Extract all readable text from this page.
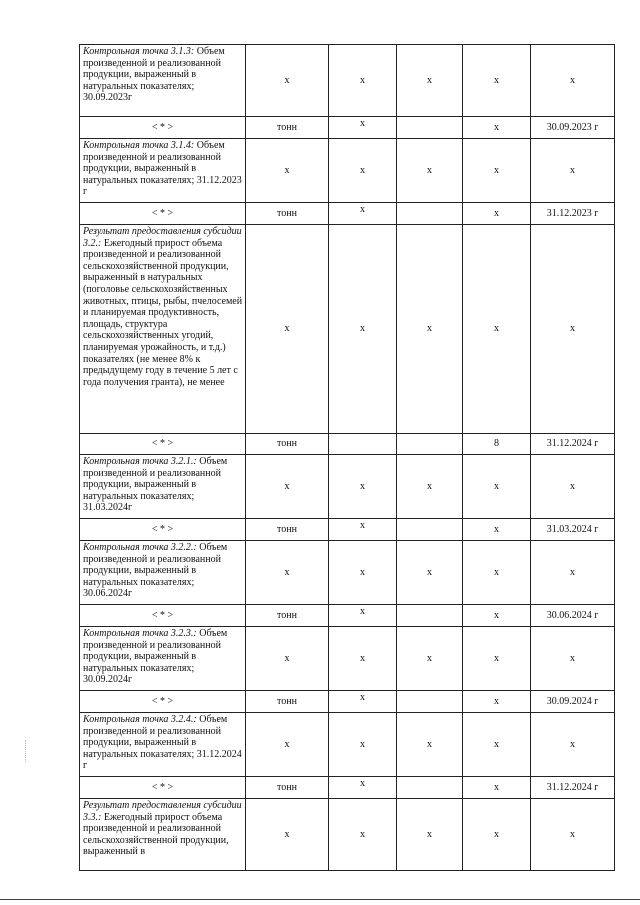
Контрольная точка 3.1.3: Объем произведенной и реализованной продукции, выраженный в натуральных показателях; 30.09.2023г	x	x	x	x	x
< * >	тонн	x		x	30.09.2023 г
Контрольная точка 3.1.4: Объем произведенной и реализованной продукции, выраженный в натуральных показателях; 31.12.2023 г	x	x	x	x	x
< * >	тонн	x		x	31.12.2023 г
Результат предоставления субсидии 3.2.: Ежегодный прирост объема произведенной и реализованной сельскохозяйственной продукции, выраженный в натуральных (поголовье сельскохозяйственных животных, птицы, рыбы, пчелосемей и планируемая продуктивность, площадь, структура сельскохозяйственных угодий, планируемая урожайность, и т.д.) показателях (не менее 8% к предыдущему году в течение 5 лет с года получения гранта), не менее	x	x	x	x	x
< * >	тонн			8	31.12.2024 г
Контрольная точка 3.2.1.: Объем произведенной и реализованной продукции, выраженный в натуральных показателях; 31.03.2024г	x	x	x	x	x
< * >	тонн	x		x	31.03.2024 г
Контрольная точка 3.2.2.: Объем произведенной и реализованной продукции, выраженный в натуральных показателях; 30.06.2024г	x	x	x	x	x
< * >	тонн	x		x	30.06.2024 г
Контрольная точка 3.2.3.: Объем произведенной и реализованной продукции, выраженный в натуральных показателях; 30.09.2024г	x	x	x	x	x
< * >	тонн	x		x	30.09.2024 г
Контрольная точка 3.2.4.: Объем произведенной и реализованной продукции, выраженный в натуральных показателях; 31.12.2024 г	x	x	x	x	x
< * >	тонн	x		x	31.12.2024 г
Результат предоставления субсидии 3.3.: Ежегодный прирост объема произведенной и реализованной сельскохозяйственной продукции, выраженный в	x	x	x	x	x
